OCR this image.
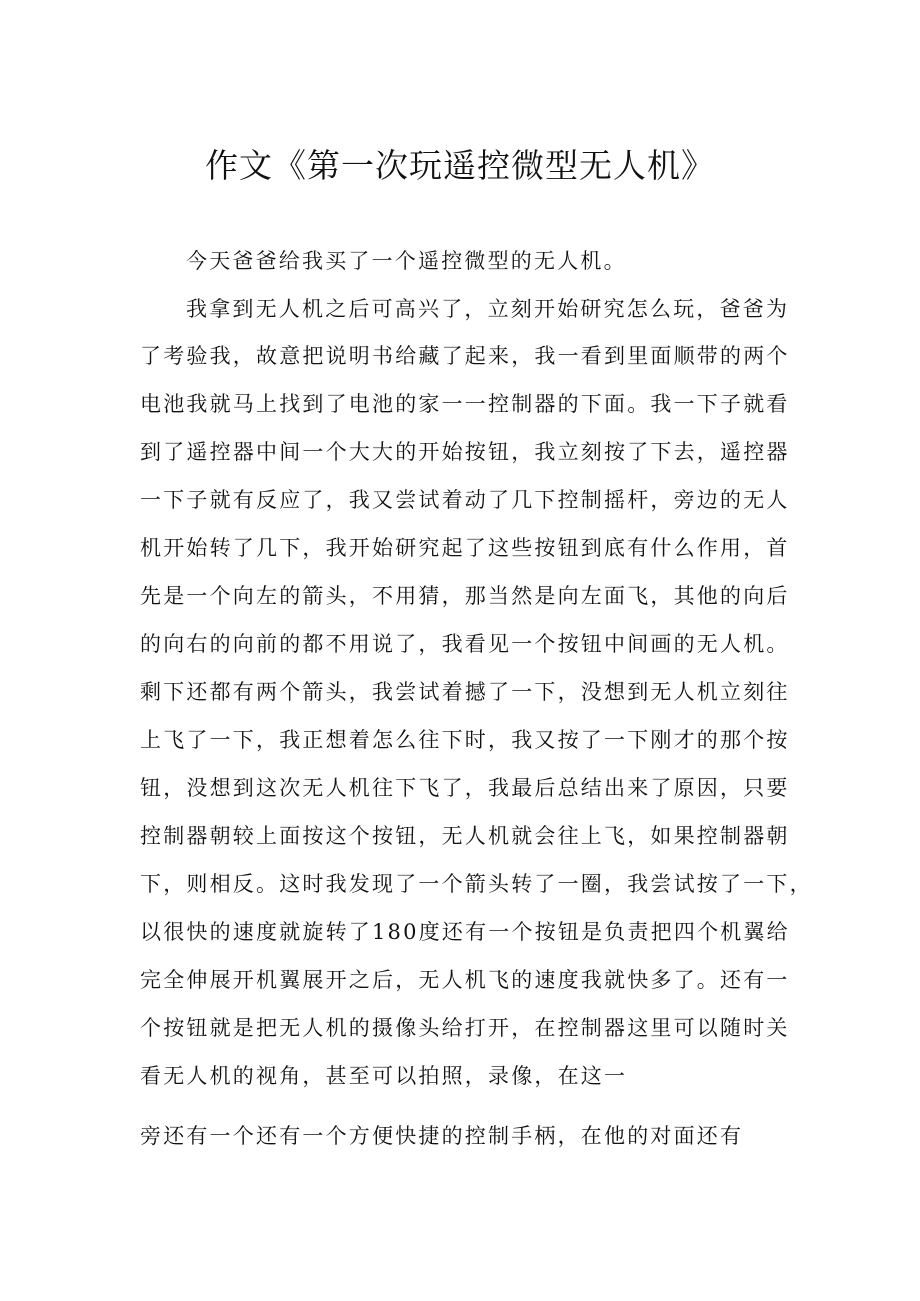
作文《第一次玩遥控微型无人机》

今天爸爸给我买了一个遥控微型的无人机。

我拿到无人机之后可高兴了，立刻开始研究怎么玩，爸爸为

了考验我，故意把说明书给藏了起来，我一看到里面顺带的两个

电池我就马上找到了电池的家一一控制器的下面。我一下子就看

到了遥控器中间一个大大的开始按钮，我立刻按了下去，遥控器

一下子就有反应了，我又尝试着动了几下控制摇杆，旁边的无人

机开始转了几下，我开始研究起了这些按钮到底有什么作用，首

先是一个向左的箭头，不用猜，那当然是向左面飞，其他的向后

的向右的向前的都不用说了，我看见一个按钮中间画的无人机。

剩下还都有两个箭头，我尝试着撼了一下，没想到无人机立刻往

上飞了一下，我正想着怎么往下时，我又按了一下刚才的那个按

钮，没想到这次无人机往下飞了，我最后总结出来了原因，只要

控制器朝较上面按这个按钮，无人机就会往上飞，如果控制器朝

下，则相反。这时我发现了一个箭头转了一圈，我尝试按了一下，

以很快的速度就旋转了180度还有一个按钮是负责把四个机翼给

完全伸展开机翼展开之后，无人机飞的速度我就快多了。还有一

个按钮就是把无人机的摄像头给打开，在控制器这里可以随时关

看无人机的视角，甚至可以拍照，录像，在这一

旁还有一个还有一个方便快捷的控制手柄，在他的对面还有
